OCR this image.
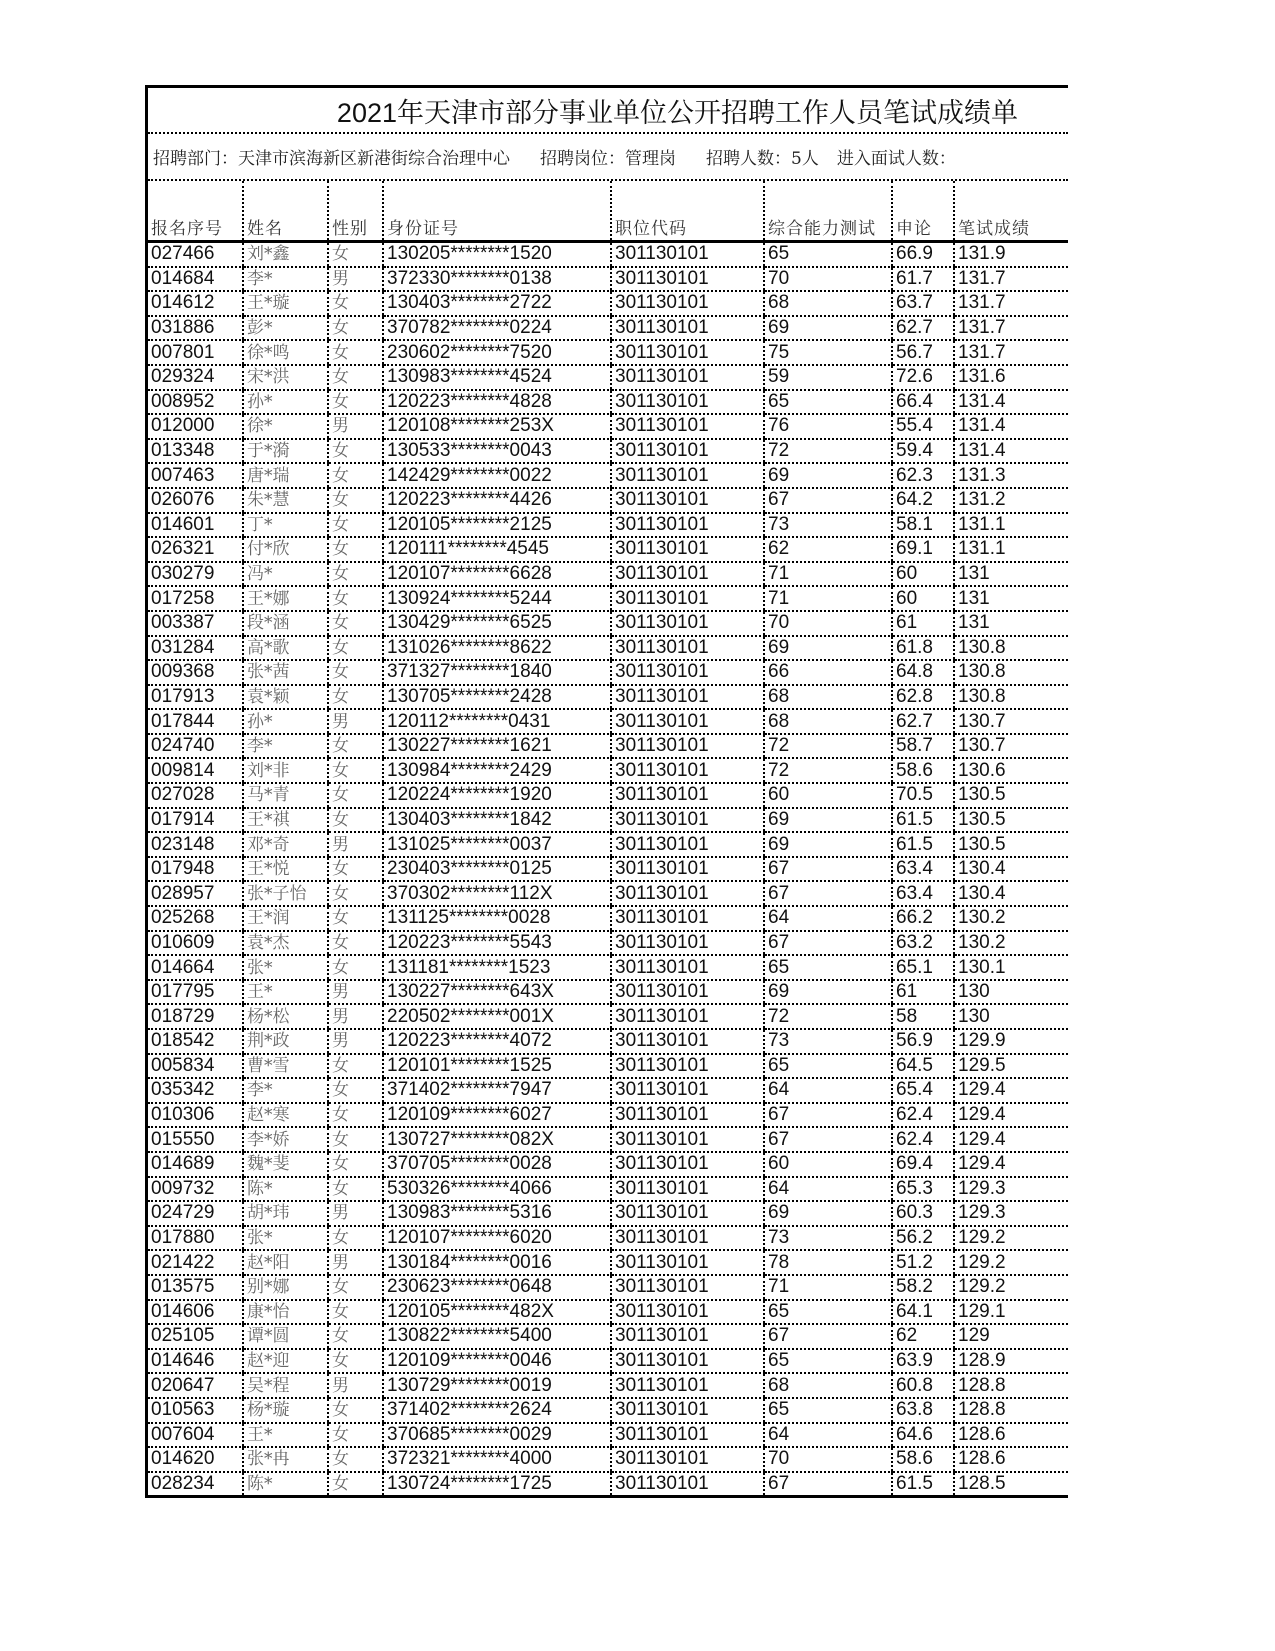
2021年天津市部分事业单位公开招聘工作人员笔试成绩单
招聘部门：天津市滨海新区新港街综合治理中心 招聘岗位：管理岗 招聘人数：5人 进入面试人数：
报名序号	姓名	性别	身份证号	职位代码	综合能力测试	申论	笔试成绩
027466	刘*鑫	女	130205********1520	301130101	65	66.9	131.9
014684	李*	男	372330********0138	301130101	70	61.7	131.7
014612	王*璇	女	130403********2722	301130101	68	63.7	131.7
031886	彭*	女	370782********0224	301130101	69	62.7	131.7
007801	徐*鸣	女	230602********7520	301130101	75	56.7	131.7
029324	宋*洪	女	130983********4524	301130101	59	72.6	131.6
008952	孙*	女	120223********4828	301130101	65	66.4	131.4
012000	徐*	男	120108********253X	301130101	76	55.4	131.4
013348	于*漪	女	130533********0043	301130101	72	59.4	131.4
007463	唐*瑞	女	142429********0022	301130101	69	62.3	131.3
026076	朱*慧	女	120223********4426	301130101	67	64.2	131.2
014601	丁*	女	120105********2125	301130101	73	58.1	131.1
026321	付*欣	女	120111********4545	301130101	62	69.1	131.1
030279	冯*	女	120107********6628	301130101	71	60	131
017258	王*娜	女	130924********5244	301130101	71	60	131
003387	段*涵	女	130429********6525	301130101	70	61	131
031284	高*歌	女	131026********8622	301130101	69	61.8	130.8
009368	张*茜	女	371327********1840	301130101	66	64.8	130.8
017913	袁*颖	女	130705********2428	301130101	68	62.8	130.8
017844	孙*	男	120112********0431	301130101	68	62.7	130.7
024740	李*	女	130227********1621	301130101	72	58.7	130.7
009814	刘*非	女	130984********2429	301130101	72	58.6	130.6
027028	马*青	女	120224********1920	301130101	60	70.5	130.5
017914	王*祺	女	130403********1842	301130101	69	61.5	130.5
023148	邓*奇	男	131025********0037	301130101	69	61.5	130.5
017948	王*悦	女	230403********0125	301130101	67	63.4	130.4
028957	张*子怡	女	370302********112X	301130101	67	63.4	130.4
025268	王*润	女	131125********0028	301130101	64	66.2	130.2
010609	袁*杰	女	120223********5543	301130101	67	63.2	130.2
014664	张*	女	131181********1523	301130101	65	65.1	130.1
017795	王*	男	130227********643X	301130101	69	61	130
018729	杨*松	男	220502********001X	301130101	72	58	130
018542	荆*政	男	120223********4072	301130101	73	56.9	129.9
005834	曹*雪	女	120101********1525	301130101	65	64.5	129.5
035342	李*	女	371402********7947	301130101	64	65.4	129.4
010306	赵*寒	女	120109********6027	301130101	67	62.4	129.4
015550	李*娇	女	130727********082X	301130101	67	62.4	129.4
014689	魏*斐	女	370705********0028	301130101	60	69.4	129.4
009732	陈*	女	530326********4066	301130101	64	65.3	129.3
024729	胡*玮	男	130983********5316	301130101	69	60.3	129.3
017880	张*	女	120107********6020	301130101	73	56.2	129.2
021422	赵*阳	男	130184********0016	301130101	78	51.2	129.2
013575	别*娜	女	230623********0648	301130101	71	58.2	129.2
014606	康*怡	女	120105********482X	301130101	65	64.1	129.1
025105	谭*圆	女	130822********5400	301130101	67	62	129
014646	赵*迎	女	120109********0046	301130101	65	63.9	128.9
020647	吴*程	男	130729********0019	301130101	68	60.8	128.8
010563	杨*璇	女	371402********2624	301130101	65	63.8	128.8
007604	王*	女	370685********0029	301130101	64	64.6	128.6
014620	张*冉	女	372321********4000	301130101	70	58.6	128.6
028234	陈*	女	130724********1725	301130101	67	61.5	128.5
